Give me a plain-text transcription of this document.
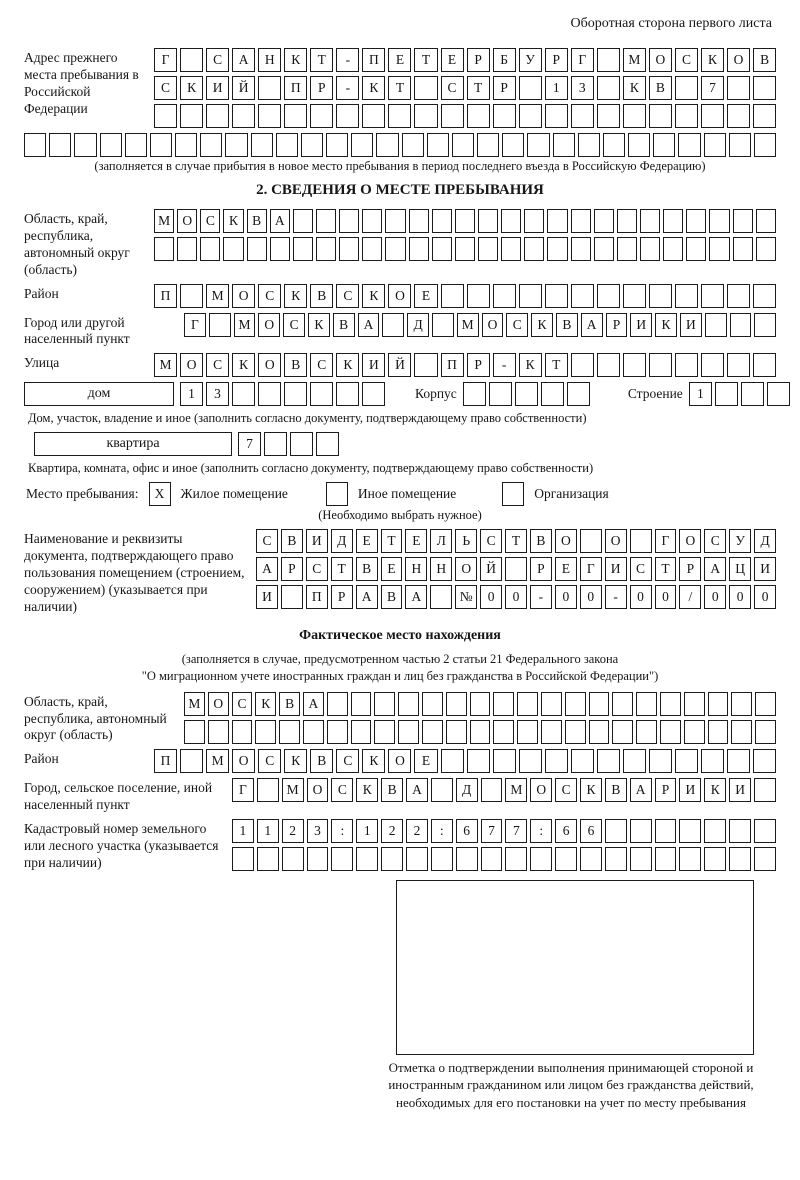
Оборотная сторона первого листа
Адрес прежнего места пребывания в Российской Федерации
Г	С	А	Н	К	Т	-	П	Е	Т	Е	Р	Б	У	Р	Г	М	О	С	К	О	В
С	К	И	Й	П	Р	-	К	Т	С	Т	Р	1	3	К	В	7
(заполняется в случае прибытия в новое место пребывания в период последнего въезда в Российскую Федерацию)
2. СВЕДЕНИЯ О МЕСТЕ ПРЕБЫВАНИЯ
Область, край, республика, автономный округ (область)
М О	С	К	В	А
Район	П	М	О	С	К	В	С	К	О	Е
Город или другой населенный пункт
Г	М	О	С	К	В	А	Д	М	О	С	К	В	А	Р	И	К	И
Улица	М	О	С	К	О	В	С	К	И	Й	П	Р	-	К	Т
дом	1	3	Корпус	Строение	1
Дом, участок, владение и иное (заполнить согласно документу, подтверждающему право собственности)
квартира	7
Квартира, комната, офис и иное (заполнить согласно документу, подтверждающему право собственности)
Место пребывания:	X	Жилое помещение	Иное помещение	Организация
(Необходимо выбрать нужное)
Наименование и реквизиты документа, подтверждающего право пользования помещением (строением, сооружением) (указывается при наличии)
С	В	И	Д	Е	Т	Е	Л	Ь	С	Т	В	О	О	Г	О	С	У	Д
А	Р	С	Т	В	Е	Н	Н	О	Й	Р	Е	Г	И	С	Т	Р	А	Ц	И
И	П	Р	А	В	А	№	0	0	-	0	0	-	0	0	/	0	0	0
Фактическое место нахождения
(заполняется в случае, предусмотренном частью 2 статьи 21 Федерального закона
"О миграционном учете иностранных граждан и лиц без гражданства в Российской Федерации")
Область, край, республика, автономный округ (область)
М О	С	К	В	А
Район	П	М	О	С	К	В	С	К	О	Е
Город, сельское поселение, иной населенный пункт
Г	М	О	С	К	В	А	Д	М	О	С	К	В	А	Р	И	К	И
Кадастровый номер земельного или лесного участка (указывается при наличии)
1	1	2	3	:	1	2	2	:	6	7	7	:	6	6
Отметка о подтверждении выполнения принимающей стороной и иностранным гражданином или лицом без гражданства действий, необходимых для его постановки на учет по месту пребывания
